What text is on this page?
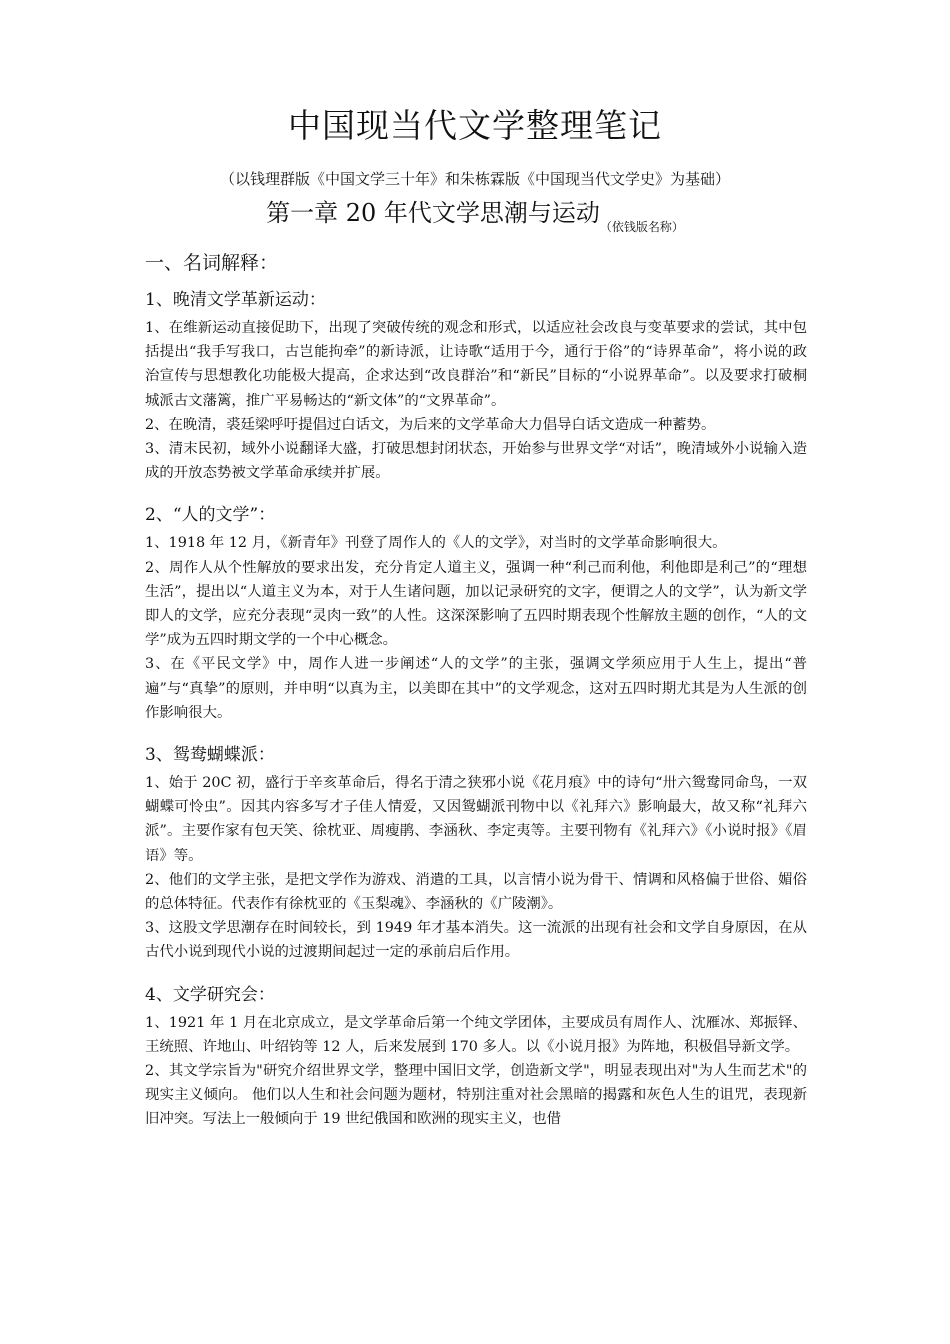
中国现当代文学整理笔记
（以钱理群版《中国文学三十年》和朱栋霖版《中国现当代文学史》为基础）
第一章 20 年代文学思潮与运动$_{(依钱版名称)}$
一、名词解释：
1、晚清文学革新运动：

1、在维新运动直接促助下，出现了突破传统的观念和形式，以适应社会改良与变革要求的尝试，其中包括提出“我手写我口，古岂能拘牵”的新诗派，让诗歌“适用于今，通行于俗”的“诗界革命”，将小说的政治宣传与思想教化功能极大提高，企求达到“改良群治”和“新民”目标的“小说界革命”。以及要求打破桐城派古文藩篱，推广平易畅达的“新文体”的“文界革命”。

2、在晚清，裘廷梁呼吁提倡过白话文，为后来的文学革命大力倡导白话文造成一种蓄势。

3、清末民初，域外小说翻译大盛，打破思想封闭状态，开始参与世界文学“对话”，晚清域外小说输入造成的开放态势被文学革命承续并扩展。

2、“人的文学”：

1、1918 年 12 月，《新青年》刊登了周作人的《人的文学》，对当时的文学革命影响很大。

2、周作人从个性解放的要求出发，充分肯定人道主义，强调一种“利己而利他，利他即是利己”的“理想生活”，提出以“人道主义为本，对于人生诸问题，加以记录研究的文字，便谓之人的文学”，认为新文学即人的文学，应充分表现“灵肉一致”的人性。这深深影响了五四时期表现个性解放主题的创作，“人的文学”成为五四时期文学的一个中心概念。

3、在《平民文学》中，周作人进一步阐述“人的文学”的主张，强调文学须应用于人生上，提出“普遍”与“真挚”的原则，并申明“以真为主，以美即在其中”的文学观念，这对五四时期尤其是为人生派的创作影响很大。

3、鸳鸯蝴蝶派：

1、始于 20C 初，盛行于辛亥革命后，得名于清之狭邪小说《花月痕》中的诗句“卅六鸳鸯同命鸟，一双蝴蝶可怜虫”。因其内容多写才子佳人情爱，又因鸳蝴派刊物中以《礼拜六》影响最大，故又称“礼拜六派”。主要作家有包天笑、徐枕亚、周瘦鹃、李涵秋、李定夷等。主要刊物有《礼拜六》《小说时报》《眉语》等。

2、他们的文学主张，是把文学作为游戏、消遣的工具，以言情小说为骨干、情调和风格偏于世俗、媚俗的总体特征。代表作有徐枕亚的《玉梨魂》、李涵秋的《广陵潮》。

3、这股文学思潮存在时间较长，到 1949 年才基本消失。这一流派的出现有社会和文学自身原因，在从古代小说到现代小说的过渡期间起过一定的承前启后作用。

4、文学研究会：

1、1921 年 1 月在北京成立，是文学革命后第一个纯文学团体，主要成员有周作人、沈雁冰、郑振铎、王统照、许地山、叶绍钧等 12 人，后来发展到 170 多人。以《小说月报》为阵地，积极倡导新文学。

2、其文学宗旨为"研究介绍世界文学，整理中国旧文学，创造新文学"，明显表现出对"为人生而艺术"的现实主义倾向。 他们以人生和社会问题为题材，特别注重对社会黑暗的揭露和灰色人生的诅咒，表现新旧冲突。写法上一般倾向于 19 世纪俄国和欧洲的现实主义，也借
